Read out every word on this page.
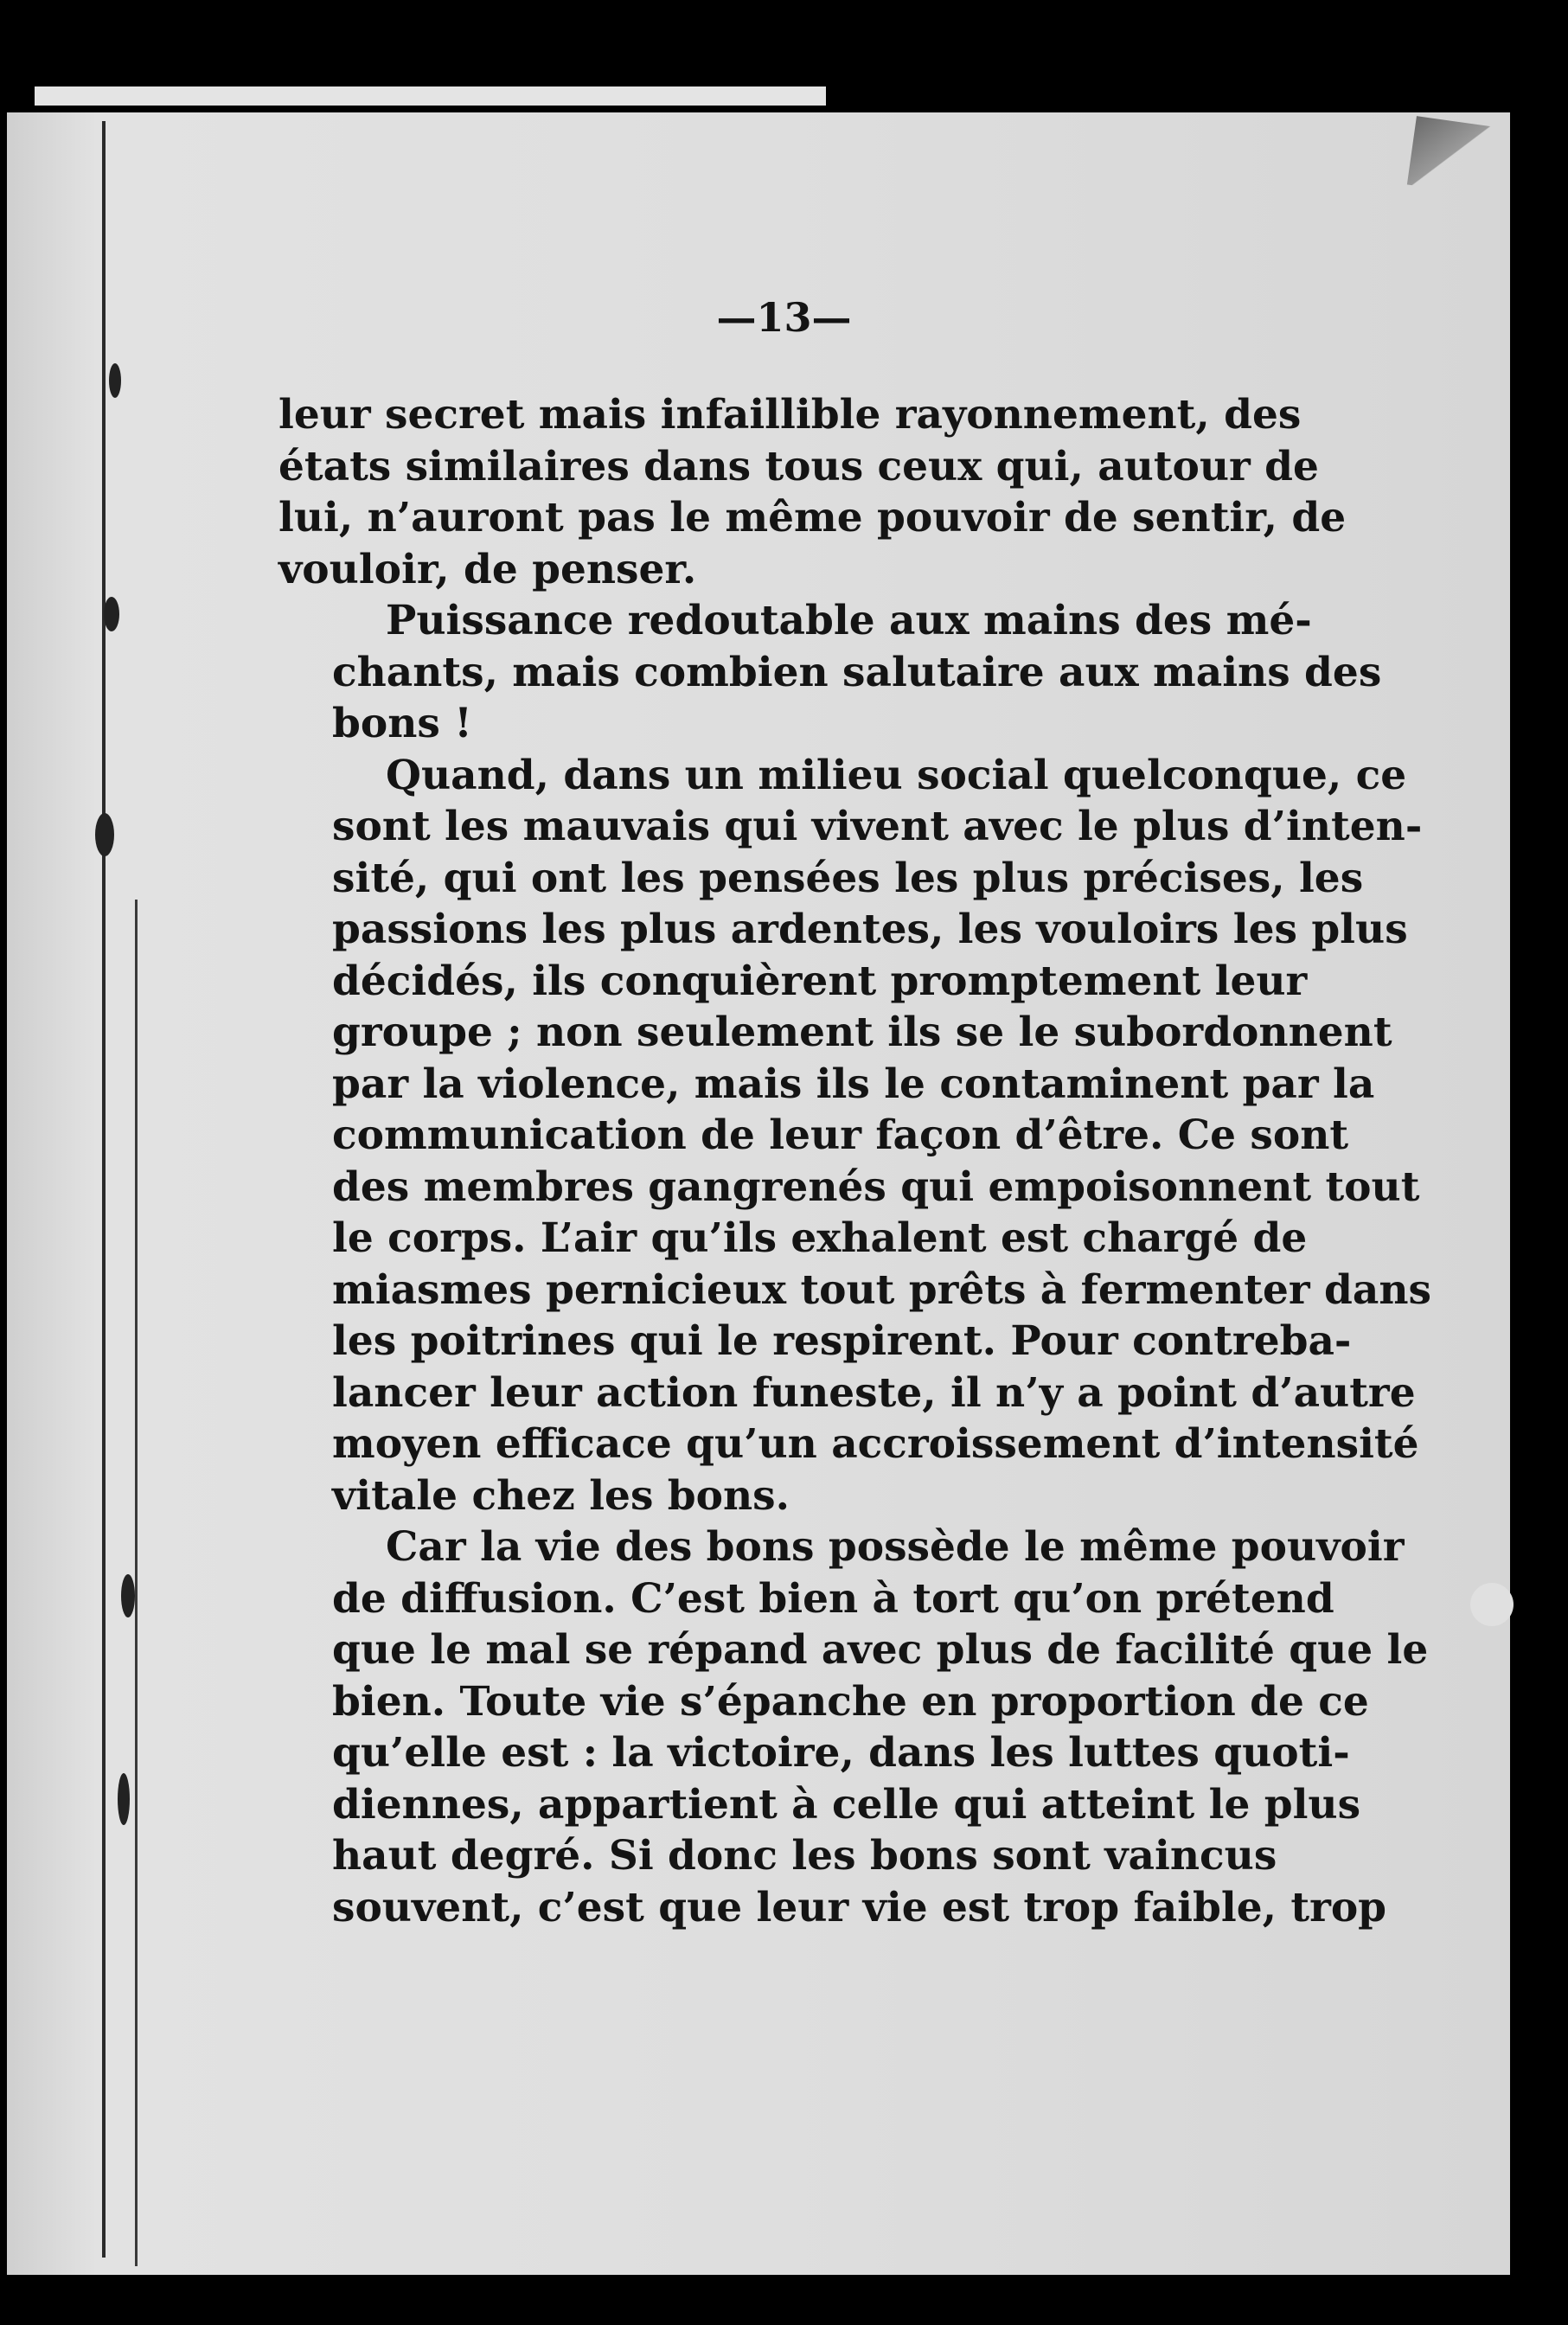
—13—
leur secret mais infaillible rayonnement, des
états similaires dans tous ceux qui, autour de
lui, n’auront pas le même pouvoir de sentir, de
vouloir, de penser.
Puissance redoutable aux mains des mé-
chants, mais combien salutaire aux mains des
bons !
Quand, dans un milieu social quelconque, ce
sont les mauvais qui vivent avec le plus d’inten-
sité, qui ont les pensées les plus précises, les
passions les plus ardentes, les vouloirs les plus
décidés, ils conquièrent promptement leur
groupe ; non seulement ils se le subordonnent
par la violence, mais ils le contaminent par la
communication de leur façon d’être. Ce sont
des membres gangrenés qui empoisonnent tout
le corps. L’air qu’ils exhalent est chargé de
miasmes pernicieux tout prêts à fermenter dans
les poitrines qui le respirent. Pour contreba-
lancer leur action funeste, il n’y a point d’autre
moyen efficace qu’un accroissement d’intensité
vitale chez les bons.
Car la vie des bons possède le même pouvoir
de diffusion. C’est bien à tort qu’on prétend
que le mal se répand avec plus de facilité que le
bien. Toute vie s’épanche en proportion de ce
qu’elle est : la victoire, dans les luttes quoti-
diennes, appartient à celle qui atteint le plus
haut degré. Si donc les bons sont vaincus
souvent, c’est que leur vie est trop faible, trop
